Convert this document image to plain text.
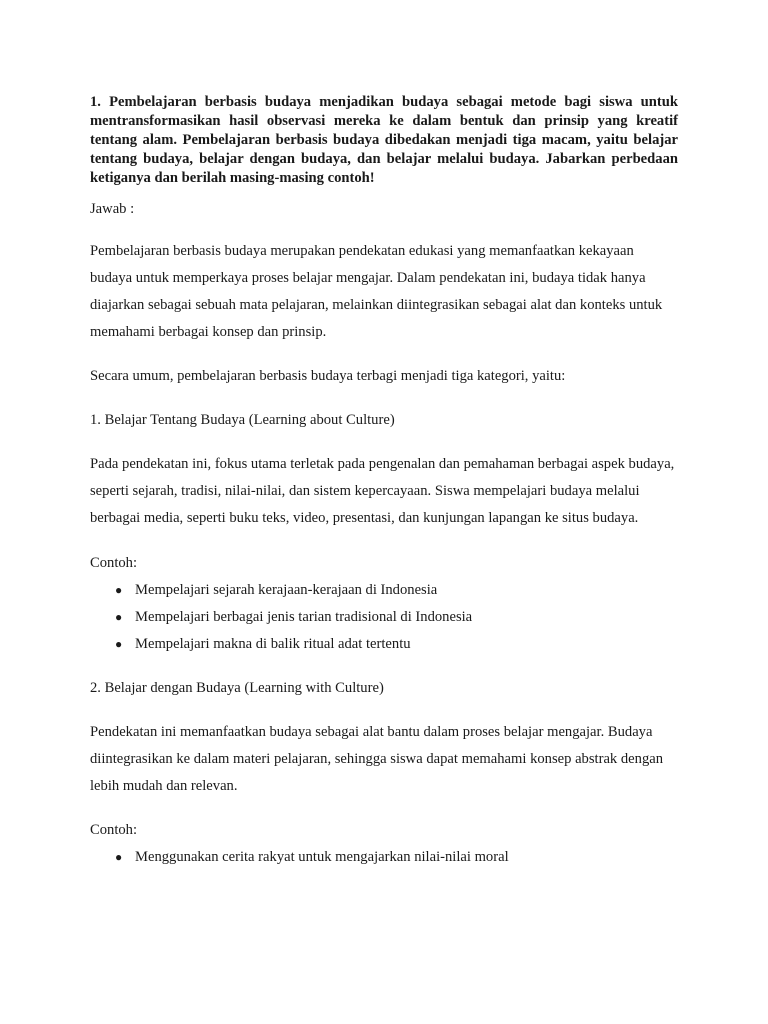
1. Pembelajaran berbasis budaya menjadikan budaya sebagai metode bagi siswa untuk mentransformasikan hasil observasi mereka ke dalam bentuk dan prinsip yang kreatif tentang alam. Pembelajaran berbasis budaya dibedakan menjadi tiga macam, yaitu belajar tentang budaya, belajar dengan budaya, dan belajar melalui budaya. Jabarkan perbedaan ketiganya dan berilah masing-masing contoh!

Jawab :

Pembelajaran berbasis budaya merupakan pendekatan edukasi yang memanfaatkan kekayaan budaya untuk memperkaya proses belajar mengajar. Dalam pendekatan ini, budaya tidak hanya diajarkan sebagai sebuah mata pelajaran, melainkan diintegrasikan sebagai alat dan konteks untuk memahami berbagai konsep dan prinsip.

Secara umum, pembelajaran berbasis budaya terbagi menjadi tiga kategori, yaitu:

1. Belajar Tentang Budaya (Learning about Culture)

Pada pendekatan ini, fokus utama terletak pada pengenalan dan pemahaman berbagai aspek budaya, seperti sejarah, tradisi, nilai-nilai, dan sistem kepercayaan. Siswa mempelajari budaya melalui berbagai media, seperti buku teks, video, presentasi, dan kunjungan lapangan ke situs budaya.

Contoh:

● Mempelajari sejarah kerajaan-kerajaan di Indonesia
● Mempelajari berbagai jenis tarian tradisional di Indonesia
● Mempelajari makna di balik ritual adat tertentu

2. Belajar dengan Budaya (Learning with Culture)

Pendekatan ini memanfaatkan budaya sebagai alat bantu dalam proses belajar mengajar. Budaya diintegrasikan ke dalam materi pelajaran, sehingga siswa dapat memahami konsep abstrak dengan lebih mudah dan relevan.

Contoh:

● Menggunakan cerita rakyat untuk mengajarkan nilai-nilai moral
